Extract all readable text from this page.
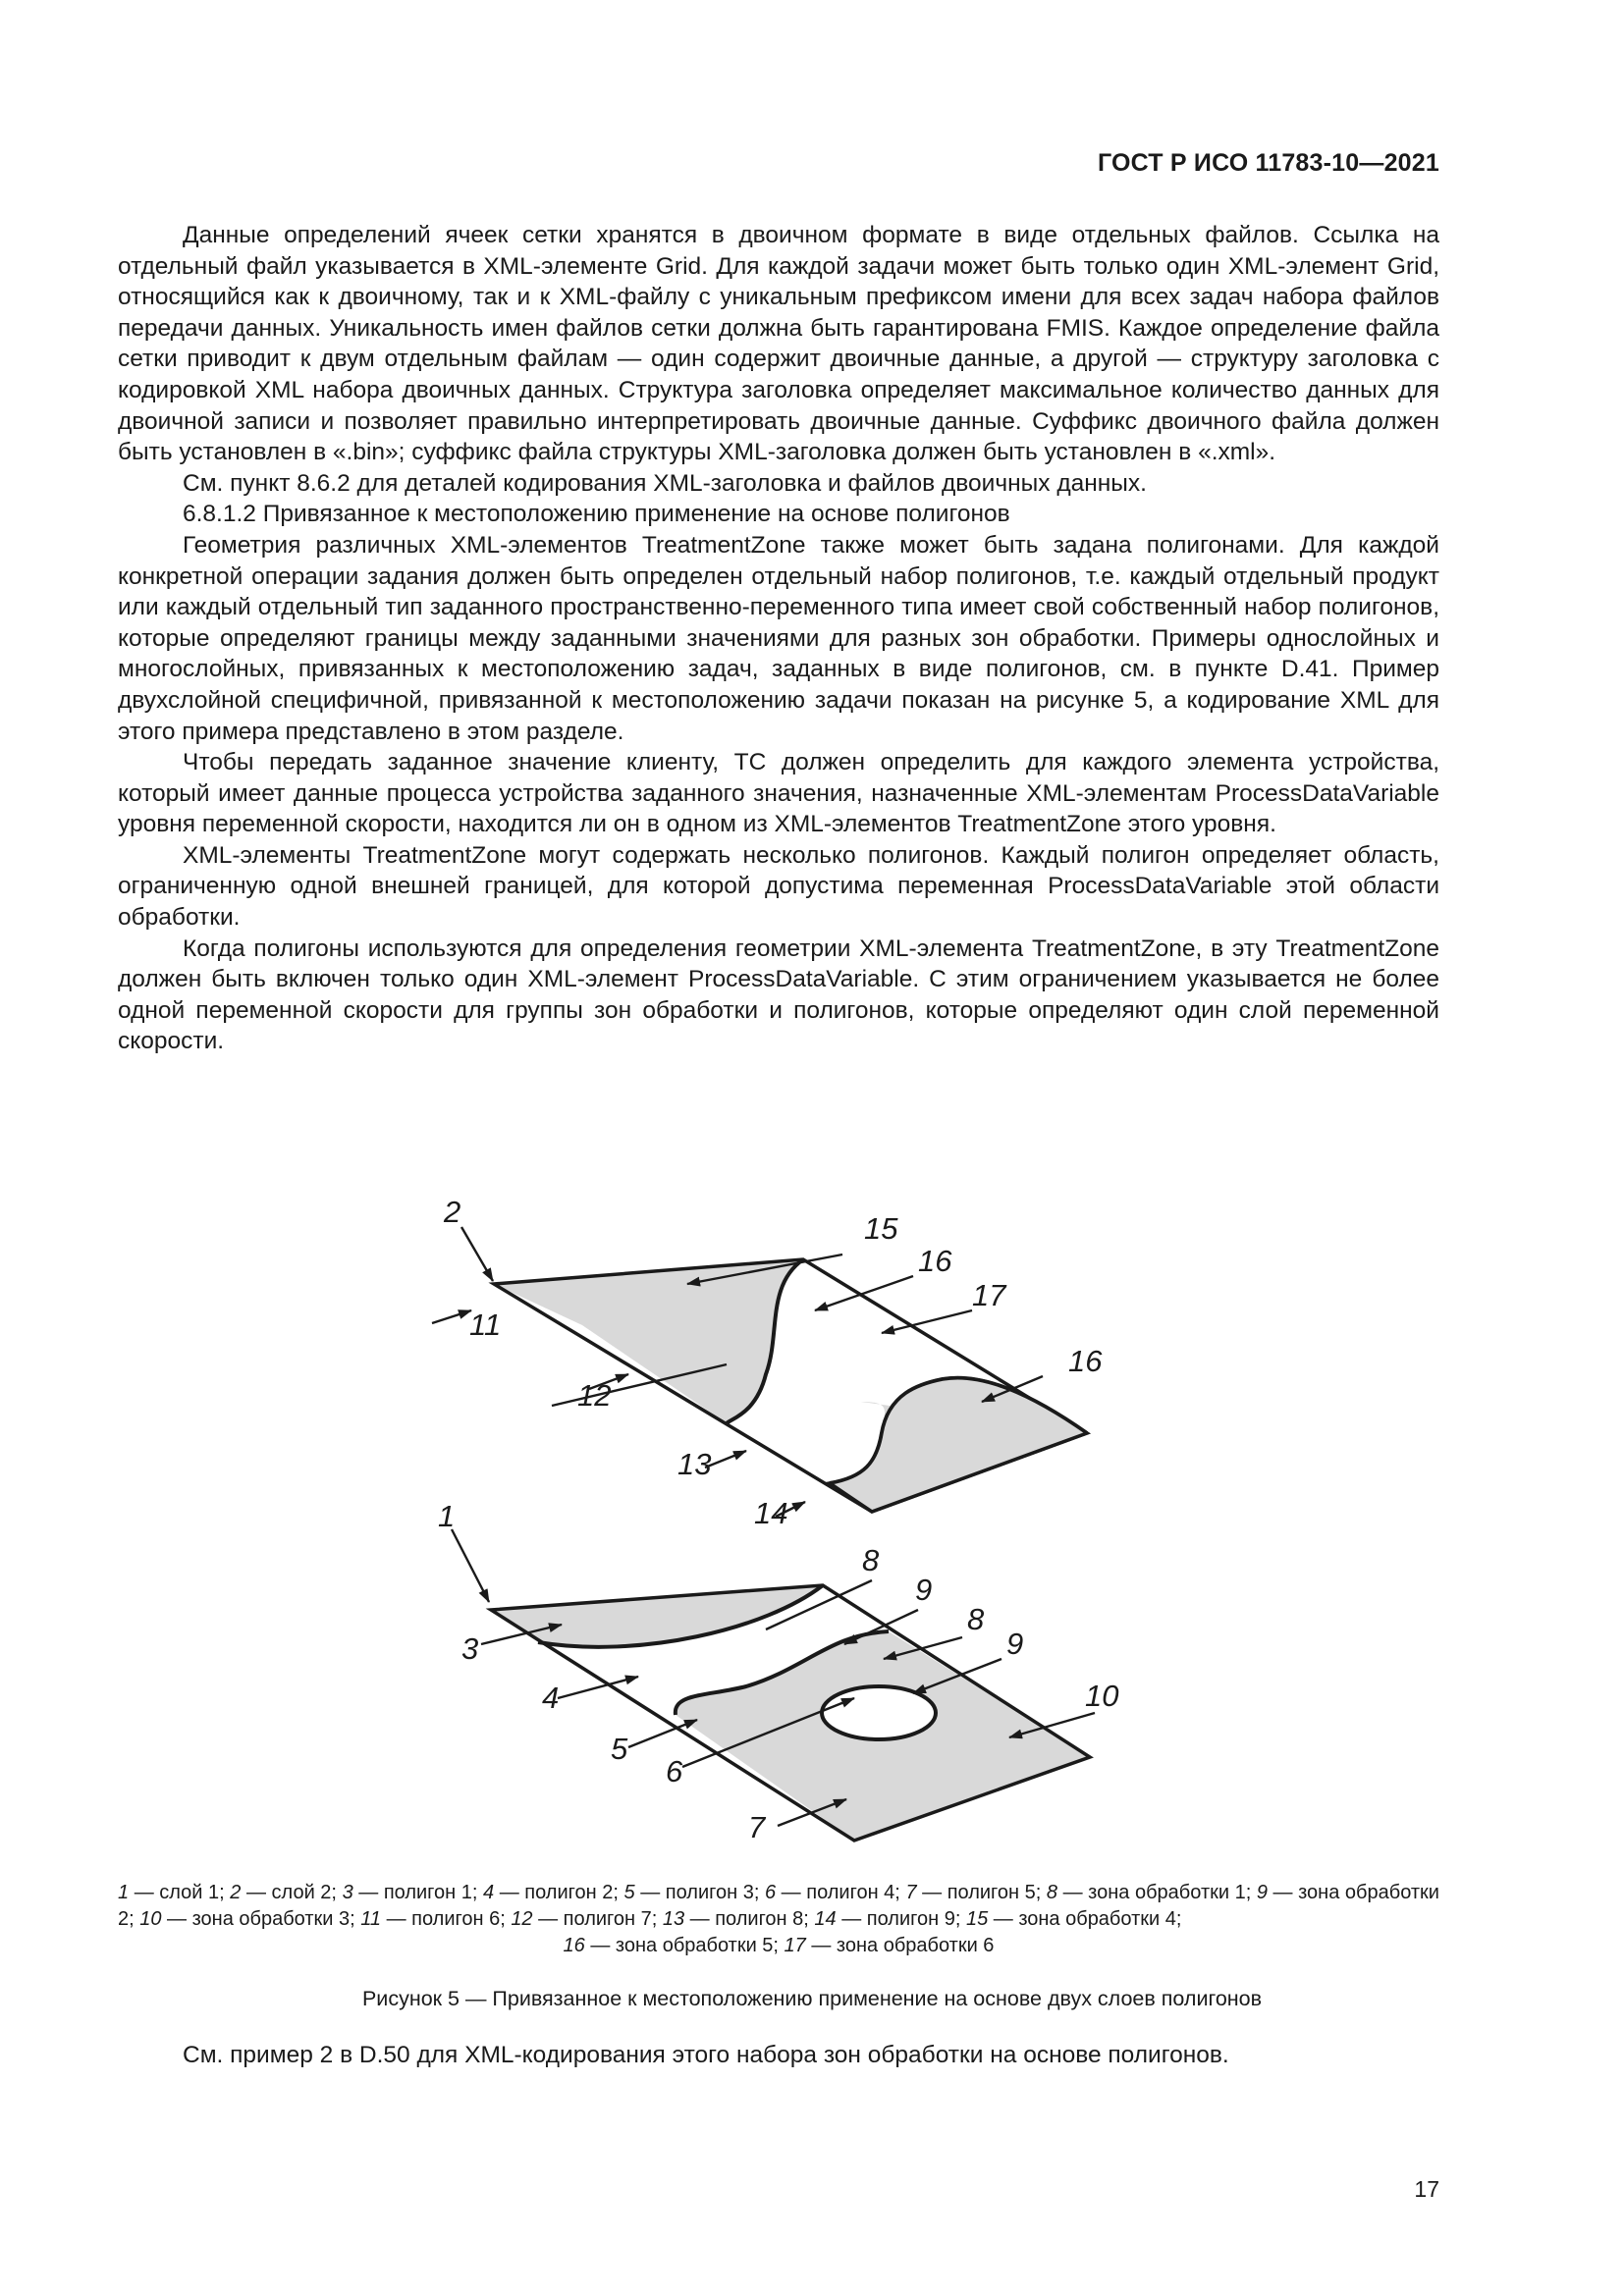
ГОСТ Р ИСО 11783-10—2021

Данные определений ячеек сетки хранятся в двоичном формате в виде отдельных файлов. Ссылка на отдельный файл указывается в XML-элементе Grid. Для каждой задачи может быть только один XML-элемент Grid, относящийся как к двоичному, так и к XML-файлу с уникальным префиксом имени для всех задач набора файлов передачи данных. Уникальность имен файлов сетки должна быть гарантирована FMIS. Каждое определение файла сетки приводит к двум отдельным файлам — один содержит двоичные данные, а другой — структуру заголовка с кодировкой XML набора двоичных данных. Структура заголовка определяет максимальное количество данных для двоичной записи и позволяет правильно интерпретировать двоичные данные. Суффикс двоичного файла должен быть установлен в «.bin»; суффикс файла структуры XML-заголовка должен быть установлен в «.xml».

См. пункт 8.6.2 для деталей кодирования XML-заголовка и файлов двоичных данных.

6.8.1.2 Привязанное к местоположению применение на основе полигонов

Геометрия различных XML-элементов TreatmentZone также может быть задана полигонами. Для каждой конкретной операции задания должен быть определен отдельный набор полигонов, т.е. каждый отдельный продукт или каждый отдельный тип заданного пространственно-переменного типа имеет свой собственный набор полигонов, которые определяют границы между заданными значениями для разных зон обработки. Примеры однослойных и многослойных, привязанных к местоположению задач, заданных в виде полигонов, см. в пункте D.41. Пример двухслойной специфичной, привязанной к местоположению задачи показан на рисунке 5, а кодирование XML для этого примера представлено в этом разделе.

Чтобы передать заданное значение клиенту, TC должен определить для каждого элемента устройства, который имеет данные процесса устройства заданного значения, назначенные XML-элементам ProcessDataVariable уровня переменной скорости, находится ли он в одном из XML-элементов TreatmentZone этого уровня.

XML-элементы TreatmentZone могут содержать несколько полигонов. Каждый полигон определяет область, ограниченную одной внешней границей, для которой допустима переменная ProcessDataVariable этой области обработки.

Когда полигоны используются для определения геометрии XML-элемента TreatmentZone, в эту TreatmentZone должен быть включен только один XML-элемент ProcessDataVariable. С этим ограничением указывается не более одной переменной скорости для группы зон обработки и полигонов, которые определяют один слой переменной скорости.

2
11
12
13
14
15
16
17
16
1
3
4
5
6
7
8
9
8
9
10
1 — слой 1; 2 — слой 2; 3 — полигон 1; 4 — полигон 2; 5 — полигон 3; 6 — полигон 4; 7 — полигон 5; 8 — зона обработки 1; 9 — зона обработки 2; 10 — зона обработки 3; 11 — полигон 6; 12 — полигон 7; 13 — полигон 8; 14 — полигон 9; 15 — зона обработки 4;
16 — зона обработки 5; 17 — зона обработки 6
Рисунок 5 — Привязанное к местоположению применение на основе двух слоев полигонов
См. пример 2 в D.50 для XML-кодирования этого набора зон обработки на основе полигонов.
17
